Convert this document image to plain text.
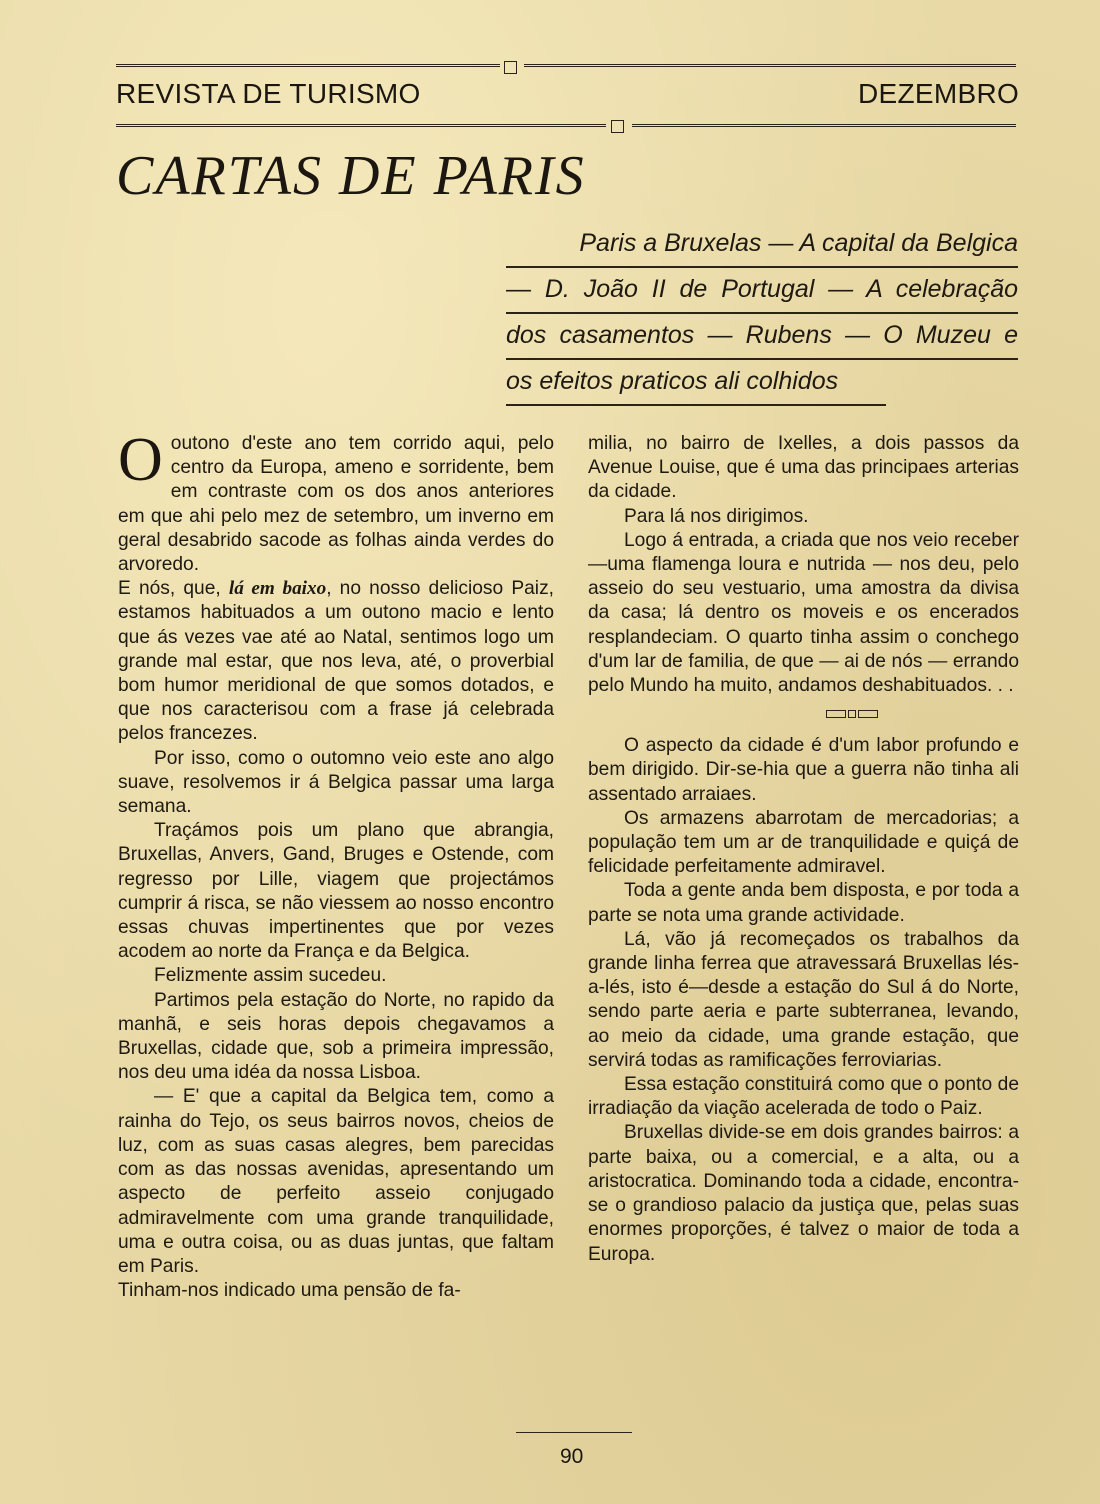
REVISTA DE TURISMO	DEZEMBRO
CARTAS DE PARIS
Paris a Bruxelas — A capital da Belgica
— D. João II de Portugal — A celebração
dos casamentos — Rubens — O Muzeu e
os efeitos praticos ali colhidos

Ooutono d'este ano tem corrido aqui, pelo centro da Europa, ameno e sorridente, bem em contraste com os dos anos anteriores em que ahi pelo mez de setembro, um inverno em geral desabrido sacode as folhas ainda verdes do arvoredo.

E nós, que, lá em baixo, no nosso delicioso Paiz, estamos habituados a um outono macio e lento que ás vezes vae até ao Natal, sentimos logo um grande mal estar, que nos leva, até, o proverbial bom humor meridional de que somos dotados, e que nos caracterisou com a frase já celebrada pelos francezes.

Por isso, como o outomno veio este ano algo suave, resolvemos ir á Belgica passar uma larga semana.

Traçámos pois um plano que abrangia, Bruxellas, Anvers, Gand, Bruges e Ostende, com regresso por Lille, viagem que projectámos cumprir á risca, se não viessem ao nosso encontro essas chuvas impertinentes que por vezes acodem ao norte da França e da Belgica.

Felizmente assim sucedeu.

Partimos pela estação do Norte, no rapido da manhã, e seis horas depois chegavamos a Bruxellas, cidade que, sob a primeira impressão, nos deu uma idéa da nossa Lisboa.

— E' que a capital da Belgica tem, como a rainha do Tejo, os seus bairros novos, cheios de luz, com as suas casas alegres, bem parecidas com as das nossas avenidas, apresentando um aspecto de perfeito asseio conjugado admiravelmente com uma grande tranquilidade, uma e outra coisa, ou as duas juntas, que faltam em Paris.

Tinham-nos indicado uma pensão de fa-

milia, no bairro de Ixelles, a dois passos da Avenue Louise, que é uma das principaes arterias da cidade.

Para lá nos dirigimos.

Logo á entrada, a criada que nos veio receber—uma flamenga loura e nutrida — nos deu, pelo asseio do seu vestuario, uma amostra da divisa da casa; lá dentro os moveis e os encerados resplandeciam. O quarto tinha assim o conchego d'um lar de familia, de que — ai de nós — errando pelo Mundo ha muito, andamos deshabituados. . .

O aspecto da cidade é d'um labor profundo e bem dirigido. Dir-se-hia que a guerra não tinha ali assentado arraiaes.

Os armazens abarrotam de mercadorias; a população tem um ar de tranquilidade e quiçá de felicidade perfeitamente admiravel.

Toda a gente anda bem disposta, e por toda a parte se nota uma grande actividade.

Lá, vão já recomeçados os trabalhos da grande linha ferrea que atravessará Bruxellas lés-a-lés, isto é—desde a estação do Sul á do Norte, sendo parte aeria e parte subterranea, levando, ao meio da cidade, uma grande estação, que servirá todas as ramificações ferroviarias.

Essa estação constituirá como que o ponto de irradiação da viação acelerada de todo o Paiz.

Bruxellas divide-se em dois grandes bairros: a parte baixa, ou a comercial, e a alta, ou a aristocratica. Dominando toda a cidade, encontra-se o grandioso palacio da justiça que, pelas suas enormes proporções, é talvez o maior de toda a Europa.

90
